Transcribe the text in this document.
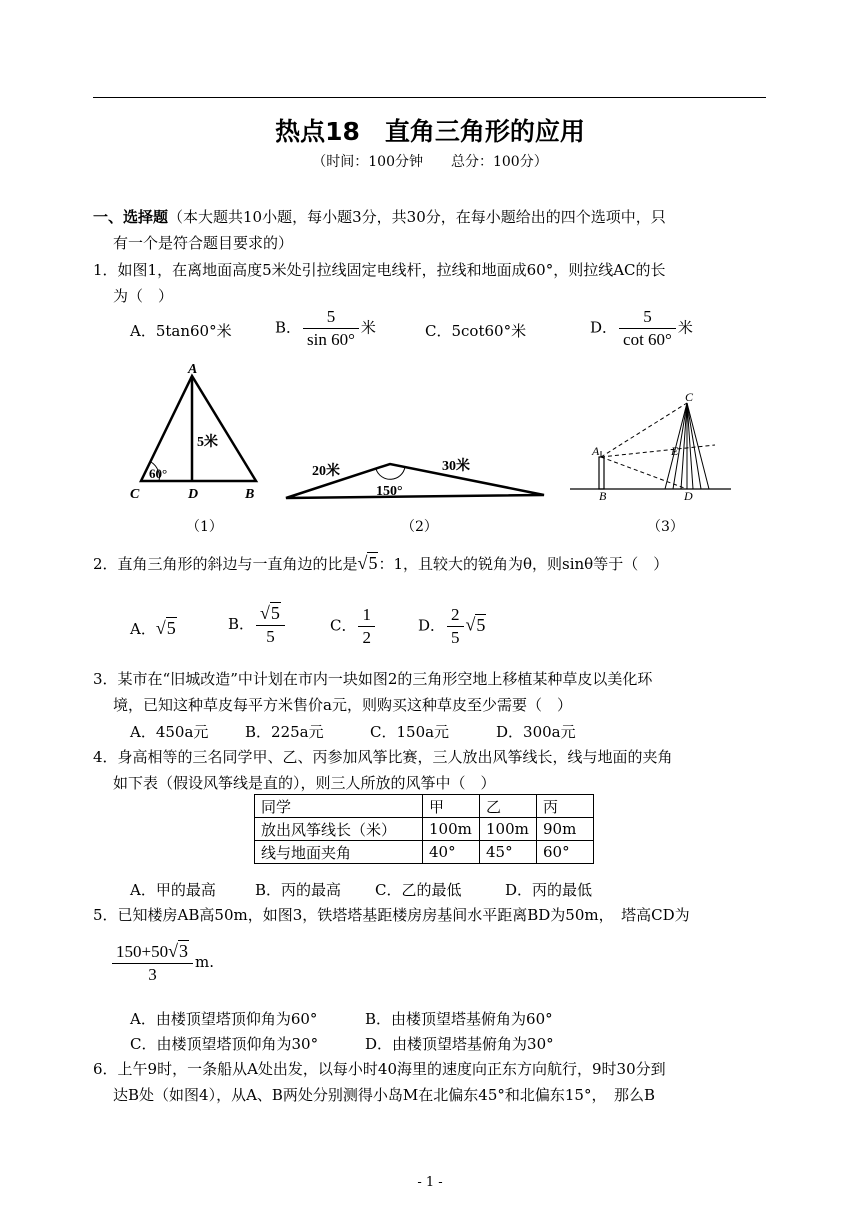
热点18　直角三角形的应用
（时间：100分钟　　总分：100分）
一、选择题（本大题共10小题，每小题3分，共30分，在每小题给出的四个选项中，只
有一个是符合题目要求的）
1．如图1，在离地面高度5米处引拉线固定电线杆，拉线和地面成60°，则拉线AC的长
为（　）
A．5tan60°米	B． $\frac{5}{\sin 60^\circ}$ 米	C．5cot60°米	D． $\frac{5}{\cot 60^\circ}$ 米
A
C	D	B
5米
60°	20米	30米
150°
C
A
B
E
D
（1）	（2）	（3）
2．直角三角形的斜边与一直角边的比是√5：1，且较大的锐角为θ，则sinθ等于（　）
A．√5	B． $\frac{√5}{5}$	C． $\frac{1}{2}$	D． $\frac{2}{5} √5$
3．某市在“旧城改造”中计划在市内一块如图2的三角形空地上移植某种草皮以美化环
境，已知这种草皮每平方米售价a元，则购买这种草皮至少需要（　）
A．450a元 B．225a元	C．150a元	D．300a元
4．身高相等的三名同学甲、乙、丙参加风筝比赛，三人放出风筝线长，线与地面的夹角
如下表（假设风筝线是直的），则三人所放的风筝中（　）
同学	甲	乙	丙
放出风筝线长（米）	100m	100m	90m
线与地面夹角	40°	45°	60°
A．甲的最高	B．丙的最高 C．乙的最低	D．丙的最低
5．已知楼房AB高50m，如图3，铁塔塔基距楼房房基间水平距离BD为50m，　塔高CD为
$\frac{150+50√3}{3} m$.
A．由楼顶望塔顶仰角为60°	B．由楼顶望塔基俯角为60°
C．由楼顶望塔顶仰角为30°	D．由楼顶望塔基俯角为30°
6．上午9时，一条船从A处出发，以每小时40海里的速度向正东方向航行，9时30分到
达B处（如图4），从A、B两处分别测得小岛M在北偏东45°和北偏东15°，　那么B
- 1 -
